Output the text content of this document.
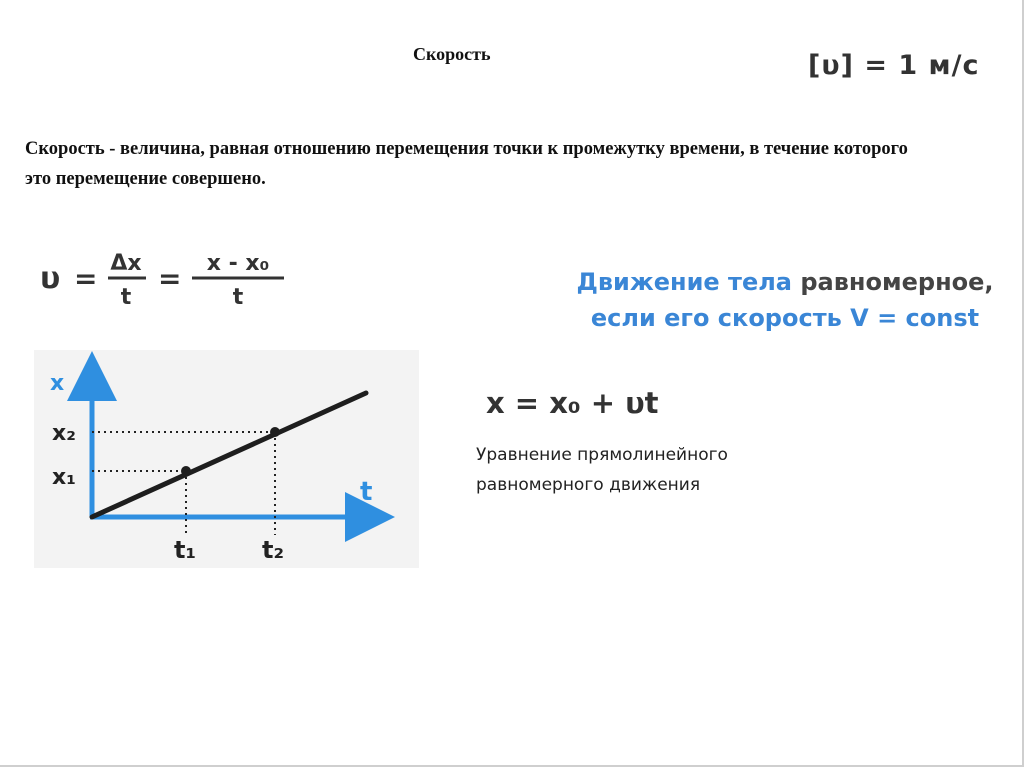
Скорость	[υ] = 1 м/с
Скорость - величина, равная отношению перемещения точки к промежутку времени, в течение которого это перемещение совершено.
υ = Δx
t
= x - x₀
t
Движение тела равномерное,
если его скорость V = const
x
t
x₂
x₁
t₁	t₂
x = x₀ + υt
Уравнение прямолинейного равномерного движения
